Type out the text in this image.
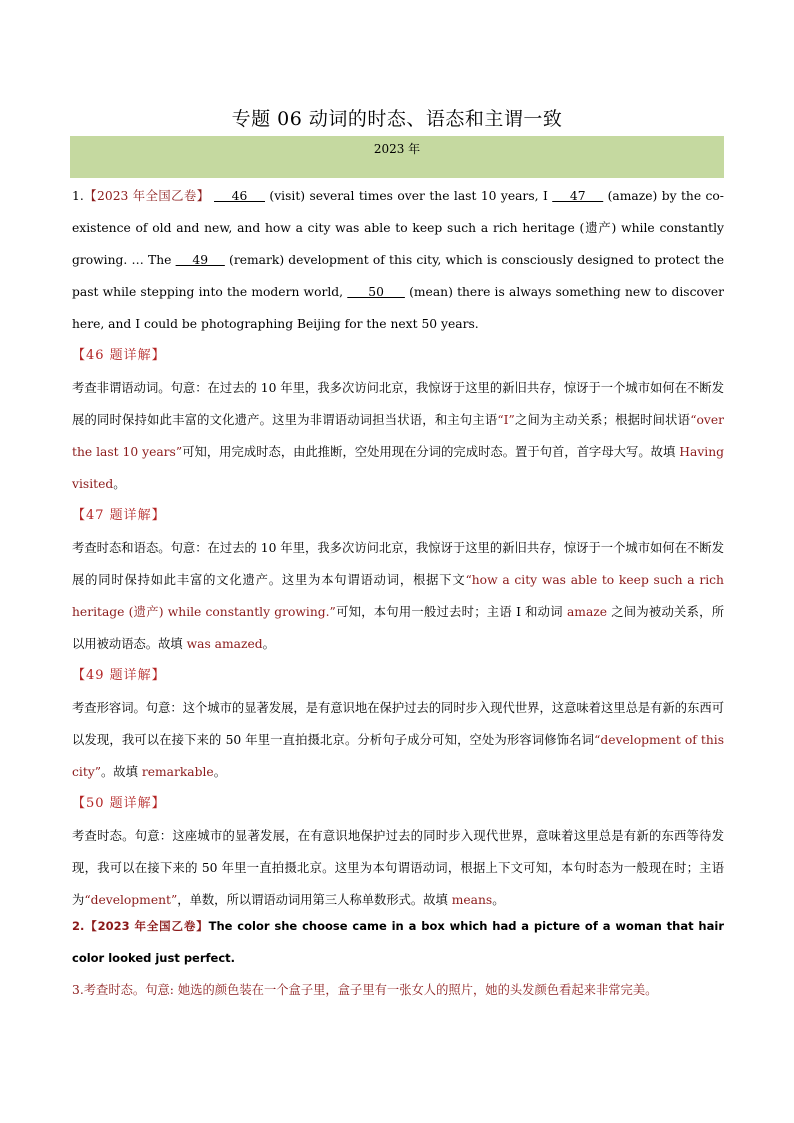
专题 06 动词的时态、语态和主谓一致
2023 年

1.【2023 年全国乙卷】     46     (visit) several times over the last 10 years, I     47     (amaze) by the co-existence of old and new, and how a city was able to keep such a rich heritage (遗产) while constantly growing. … The     49     (remark) development of this city, which is consciously designed to protect the past while stepping into the modern world,      50      (mean) there is always something new to discover here, and I could be photographing Beijing for the next 50 years.

【46 题详解】

考查非谓语动词。句意：在过去的 10 年里，我多次访问北京，我惊讶于这里的新旧共存，惊讶于一个城市如何在不断发展的同时保持如此丰富的文化遗产。这里为非谓语动词担当状语，和主句主语“I”之间为主动关系；根据时间状语“over the last 10 years”可知，用完成时态，由此推断，空处用现在分词的完成时态。置于句首，首字母大写。故填 Having visited。

【47 题详解】

考查时态和语态。句意：在过去的 10 年里，我多次访问北京，我惊讶于这里的新旧共存，惊讶于一个城市如何在不断发展的同时保持如此丰富的文化遗产。这里为本句谓语动词，根据下文“how a city was able to keep such a rich heritage (遗产) while constantly growing.”可知，本句用一般过去时；主语 I 和动词 amaze 之间为被动关系，所以用被动语态。故填 was amazed。

【49 题详解】

考查形容词。句意：这个城市的显著发展，是有意识地在保护过去的同时步入现代世界，这意味着这里总是有新的东西可以发现，我可以在接下来的 50 年里一直拍摄北京。分析句子成分可知，空处为形容词修饰名词“development of this city”。故填 remarkable。

【50 题详解】

考查时态。句意：这座城市的显著发展，在有意识地保护过去的同时步入现代世界，意味着这里总是有新的东西等待发现，我可以在接下来的 50 年里一直拍摄北京。这里为本句谓语动词，根据上下文可知，本句时态为一般现在时；主语为“development”，单数，所以谓语动词用第三人称单数形式。故填 means。

2.【2023 年全国乙卷】The color she choose came in a box which had a picture of a woman that hair color looked just perfect.

3.考查时态。句意: 她选的颜色装在一个盒子里，盒子里有一张女人的照片，她的头发颜色看起来非常完美。
